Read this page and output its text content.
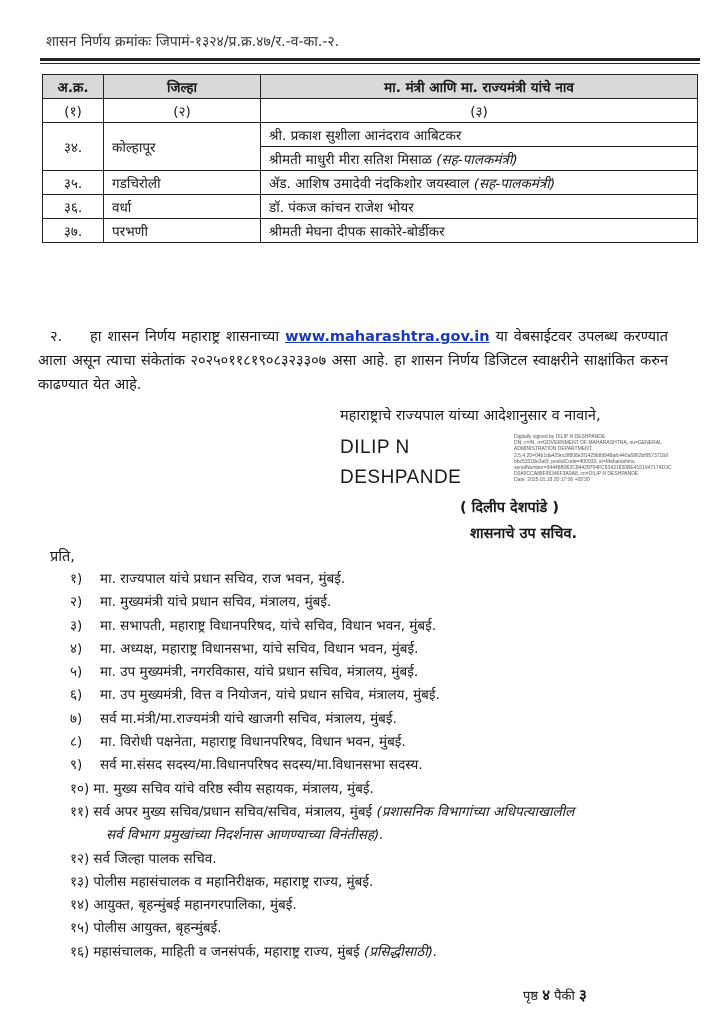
शासन निर्णय क्रमांकः जिपामं-१३२४/प्र.क्र.४७/र.-व-का.-२.
अ.क्र.	जिल्हा	मा. मंत्री आणि मा. राज्यमंत्री यांचे नाव
(१)	(२)	(३)
३४.	कोल्हापूर	श्री. प्रकाश सुशीला आनंदराव आबिटकर
		श्रीमती माधुरी मीरा सतिश मिसाळ (सह-पालकमंत्री)
३५.	गडचिरोली	ॲड. आशिष उमादेवी नंदकिशोर जयस्वाल (सह-पालकमंत्री)
३६.	वर्धा	डॉ. पंकज कांचन राजेश भोयर
३७.	परभणी	श्रीमती मेघना दीपक साकोरे-बोर्डीकर
२. हा शासन निर्णय महाराष्ट्र शासनाच्या www.maharashtra.gov.in या वेबसाईटवर उपलब्ध करण्यात आला असून त्याचा संकेतांक २०२५०११८१९०८३२३३०७ असा आहे. हा शासन निर्णय डिजिटल स्वाक्षरीने साक्षांकित करुन काढण्यात येत आहे.
महाराष्ट्राचे राज्यपाल यांच्या आदेशानुसार व नावाने,
DILIP N
DESHPANDE
Digitally signed by DILIP N DESHPANDE
DN: c=IN, o=GOVERNMENT OF MAHARASHTRA, ou=GENERAL
ADMINISTRATION DEPARTMENT,
2.5.4.20=04b1da429ec9f808e2f1429b8d948afc440a6862bf957371b9
bbc53318e3a6f, postalCode=400032, st=Maharashtra,
serialNumber=94448B962C84428754FC63431830BE4151947174D3C
D0A5CCA88F95346F3A0A8, cn=DILIP N DESHPANDE
Date: 2025.01.18 20:17:06 +05'30'
( दिलीप देशपांडे )
शासनाचे उप सचिव.
प्रति,
१)	मा. राज्यपाल यांचे प्रधान सचिव, राज भवन, मुंबई.
२)	मा. मुख्यमंत्री यांचे प्रधान सचिव, मंत्रालय, मुंबई.
३)	मा. सभापती, महाराष्ट्र विधानपरिषद, यांचे सचिव, विधान भवन, मुंबई.
४)	मा. अध्यक्ष, महाराष्ट्र विधानसभा, यांचे सचिव, विधान भवन, मुंबई.
५)	मा. उप मुख्यमंत्री, नगरविकास, यांचे प्रधान सचिव, मंत्रालय, मुंबई.
६)	मा. उप मुख्यमंत्री, वित्त व नियोजन, यांचे प्रधान सचिव, मंत्रालय, मुंबई.
७)	सर्व मा.मंत्री/मा.राज्यमंत्री यांचे खाजगी सचिव, मंत्रालय, मुंबई.
८)	मा. विरोधी पक्षनेता, महाराष्ट्र विधानपरिषद, विधान भवन, मुंबई.
९)	सर्व मा.संसद सदस्य/मा.विधानपरिषद सदस्य/मा.विधानसभा सदस्य.
१०) मा. मुख्य सचिव यांचे वरिष्ठ स्वीय सहायक, मंत्रालय, मुंबई.
११) सर्व अपर मुख्य सचिव/प्रधान सचिव/सचिव, मंत्रालय, मुंबई (प्रशासनिक विभागांच्या अधिपत्याखालील
सर्व विभाग प्रमुखांच्या निदर्शनास आणण्याच्या विनंतीसह).
१२) सर्व जिल्हा पालक सचिव.
१३) पोलीस महासंचालक व महानिरीक्षक, महाराष्ट्र राज्य, मुंबई.
१४) आयुक्त, बृहन्मुंबई महानगरपालिका, मुंबई.
१५) पोलीस आयुक्त, बृहन्मुंबई.
१६) महासंचालक, माहिती व जनसंपर्क, महाराष्ट्र राज्य, मुंबई (प्रसिद्धीसाठी).
पृष्ठ ४ पैकी ३
